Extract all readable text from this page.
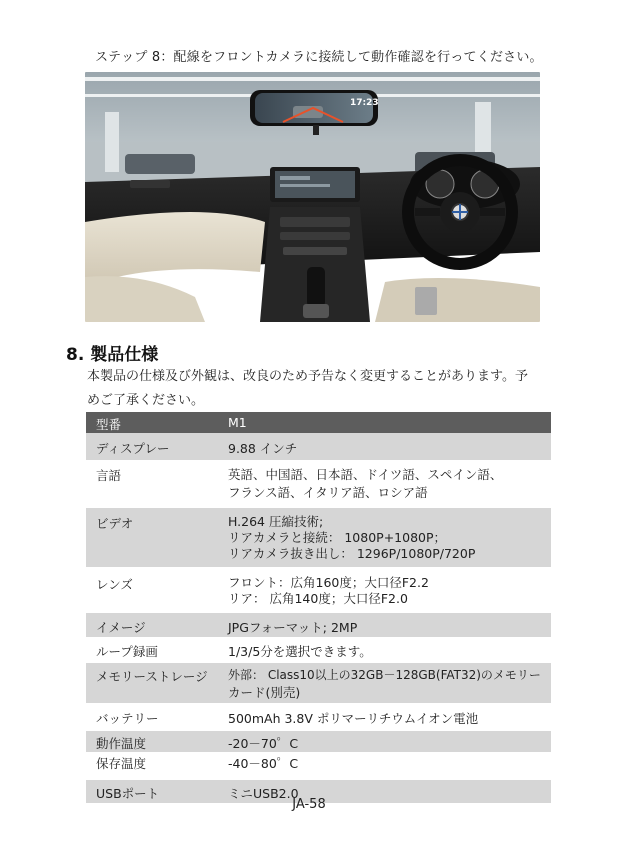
ステップ 8：配線をフロントカメラに接続して動作確認を行ってください。
17:23
8. 製品仕様
本製品の仕様及び外観は、改良のため予告なく変更することがあります。予
めご了承ください。
型番	M1

ディスプレー	9.88 インチ

言語	英語、中国語、日本語、ドイツ語、スペイン語、
フランス語、イタリア語、ロシア語

ビデオ	H.264 圧縮技術;
リアカメラと接続： 1080P+1080P；
リアカメラ抜き出し： 1296P/1080P/720P

レンズ	フロント：広角160度；大口径F2.2
リア： 広角140度；大口径F2.0

イメージ	JPGフォーマット; 2MP

ループ録画	1/3/5分を選択できます。

メモリーストレージ	外部： Class10以上の32GB－128GB(FAT32)のメモリー
カード(別売)

バッテリー	500mAh 3.8V ポリマーリチウムイオン電池

動作温度	-20－70゜C

保存温度	-40－80゜C

USBポート	ミニUSB2.0
JA-58
